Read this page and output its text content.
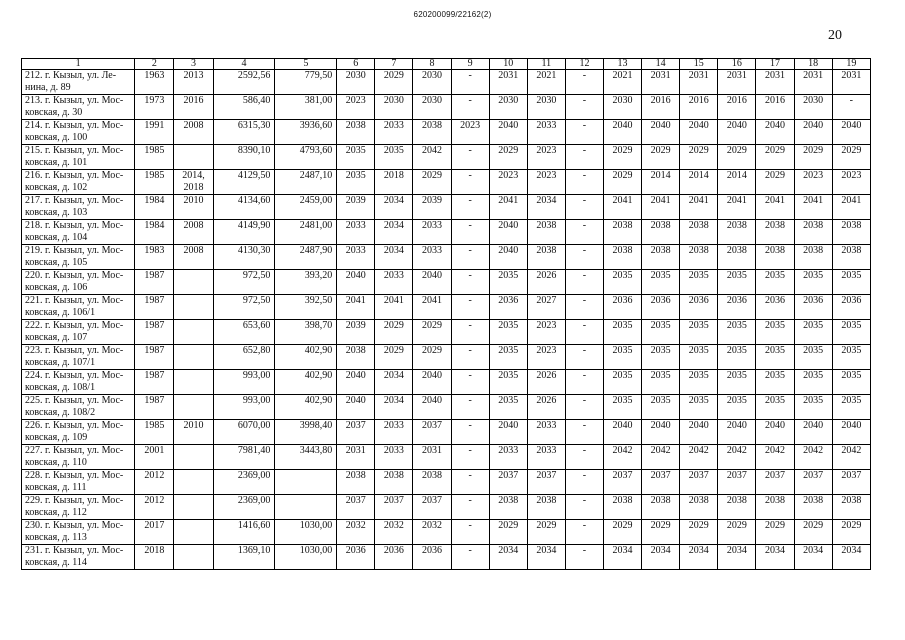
620200099/22162(2)
20
1	2	3	4	5	6	7	8	9	10	11	12	13	14	15	16	17	18	19
212. г. Кызыл, ул. Ле-нина, д. 89	1963	2013	2592,56	779,50	2030	2029	2030	-	2031	2021	-	2021	2031	2031	2031	2031	2031	2031
213. г. Кызыл, ул. Мос-ковская, д. 30	1973	2016	586,40	381,00	2023	2030	2030	-	2030	2030	-	2030	2016	2016	2016	2016	2030	-
214. г. Кызыл, ул. Мос-ковская, д. 100	1991	2008	6315,30	3936,60	2038	2033	2038	2023	2040	2033	-	2040	2040	2040	2040	2040	2040	2040
215. г. Кызыл, ул. Мос-ковская, д. 101	1985		8390,10	4793,60	2035	2035	2042	-	2029	2023	-	2029	2029	2029	2029	2029	2029	2029
216. г. Кызыл, ул. Мос-ковская, д. 102	1985	2014, 2018	4129,50	2487,10	2035	2018	2029	-	2023	2023	-	2029	2014	2014	2014	2029	2023	2023
217. г. Кызыл, ул. Мос-ковская, д. 103	1984	2010	4134,60	2459,00	2039	2034	2039	-	2041	2034	-	2041	2041	2041	2041	2041	2041	2041
218. г. Кызыл, ул. Мос-ковская, д. 104	1984	2008	4149,90	2481,00	2033	2034	2033	-	2040	2038	-	2038	2038	2038	2038	2038	2038	2038
219. г. Кызыл, ул. Мос-ковская, д. 105	1983	2008	4130,30	2487,90	2033	2034	2033	-	2040	2038	-	2038	2038	2038	2038	2038	2038	2038
220. г. Кызыл, ул. Мос-ковская, д. 106	1987		972,50	393,20	2040	2033	2040	-	2035	2026	-	2035	2035	2035	2035	2035	2035	2035
221. г. Кызыл, ул. Мос-ковская, д. 106/1	1987		972,50	392,50	2041	2041	2041	-	2036	2027	-	2036	2036	2036	2036	2036	2036	2036
222. г. Кызыл, ул. Мос-ковская, д. 107	1987		653,60	398,70	2039	2029	2029	-	2035	2023	-	2035	2035	2035	2035	2035	2035	2035
223. г. Кызыл, ул. Мос-ковская, д. 107/1	1987		652,80	402,90	2038	2029	2029	-	2035	2023	-	2035	2035	2035	2035	2035	2035	2035
224. г. Кызыл, ул. Мос-ковская, д. 108/1	1987		993,00	402,90	2040	2034	2040	-	2035	2026	-	2035	2035	2035	2035	2035	2035	2035
225. г. Кызыл, ул. Мос-ковская, д. 108/2	1987		993,00	402,90	2040	2034	2040	-	2035	2026	-	2035	2035	2035	2035	2035	2035	2035
226. г. Кызыл, ул. Мос-ковская, д. 109	1985	2010	6070,00	3998,40	2037	2033	2037	-	2040	2033	-	2040	2040	2040	2040	2040	2040	2040
227. г. Кызыл, ул. Мос-ковская, д. 110	2001		7981,40	3443,80	2031	2033	2031	-	2033	2033	-	2042	2042	2042	2042	2042	2042	2042
228. г. Кызыл, ул. Мос-ковская, д. 111	2012		2369,00		2038	2038	2038	-	2037	2037	-	2037	2037	2037	2037	2037	2037	2037
229. г. Кызыл, ул. Мос-ковская, д. 112	2012		2369,00		2037	2037	2037	-	2038	2038	-	2038	2038	2038	2038	2038	2038	2038
230. г. Кызыл, ул. Мос-ковская, д. 113	2017		1416,60	1030,00	2032	2032	2032	-	2029	2029	-	2029	2029	2029	2029	2029	2029	2029
231. г. Кызыл, ул. Мос-ковская, д. 114	2018		1369,10	1030,00	2036	2036	2036	-	2034	2034	-	2034	2034	2034	2034	2034	2034	2034
